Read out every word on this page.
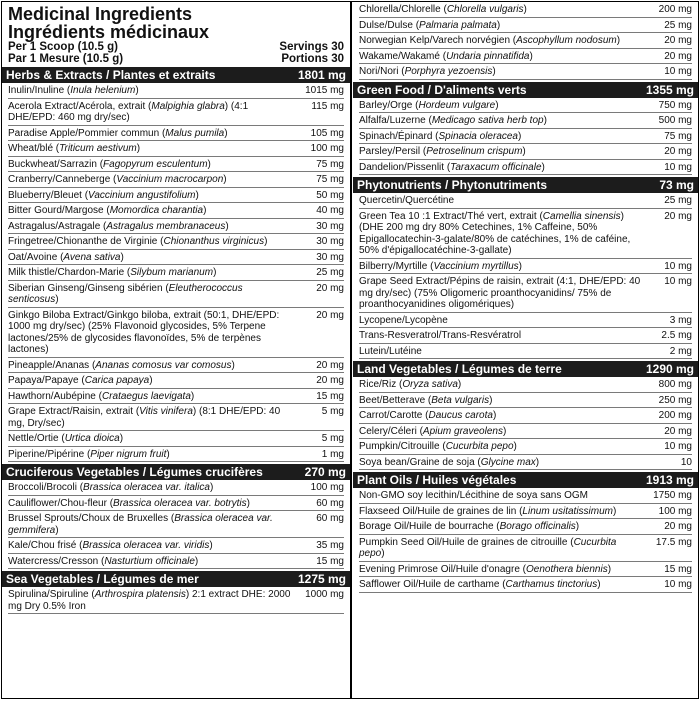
Medicinal Ingredients
Ingrédients médicinaux
Per 1 Scoop (10.5 g)	Servings 30
Par 1 Mesure (10.5 g)	Portions 30
Herbs & Extracts / Plantes et extraits	1801 mg
Inulin/Inuline (Inula helenium)	1015 mg
Acerola Extract/Acérola, extrait (Malpighia glabra) (4:1 DHE/EPD: 460 mg dry/sec)
115 mg
Paradise Apple/Pommier commun (Malus pumila)	105 mg
Wheat/blé (Triticum aestivum)	100 mg
Buckwheat/Sarrazin (Fagopyrum esculentum)	75 mg
Cranberry/Canneberge (Vaccinium macrocarpon)	75 mg
Blueberry/Bleuet (Vaccinium angustifolium)	50 mg
Bitter Gourd/Margose (Momordica charantia)	40 mg
Astragalus/Astragale (Astragalus membranaceus)	30 mg
Fringetree/Chionanthe de Virginie (Chionanthus virginicus)	30 mg
Oat/Avoine (Avena sativa)	30 mg
Milk thistle/Chardon-Marie (Silybum marianum)	25 mg
Siberian Ginseng/Ginseng sibérien (Eleutherococcus senticosus)
20 mg
Ginkgo Biloba Extract/Ginkgo biloba, extrait (50:1, DHE/EPD: 1000 mg dry/sec) (25% Flavonoid glycosides, 5% Terpene lactones/25% de glycosides flavonoïdes, 5% de terpènes lactones)
20 mg
Pineapple/Ananas (Ananas comosus var comosus)	20 mg
Papaya/Papaye (Carica papaya)	20 mg
Hawthorn/Aubépine (Crataegus laevigata)	15 mg
Grape Extract/Raisin, extrait (Vitis vinifera) (8:1 DHE/EPD: 40 mg, Dry/sec)
5 mg
Nettle/Ortie (Urtica dioica)	5 mg
Piperine/Pipérine (Piper nigrum fruit)	1 mg
Cruciferous Vegetables / Légumes crucifères	270 mg
Broccoli/Brocoli (Brassica oleracea var. italica)	100 mg
Cauliflower/Chou-fleur (Brassica oleracea var. botrytis)	60 mg
Brussel Sprouts/Choux de Bruxelles (Brassica oleracea var. gemmifera)
60 mg
Kale/Chou frisé (Brassica oleracea var. viridis)	35 mg
Watercress/Cresson (Nasturtium officinale)	15 mg
Sea Vegetables / Légumes de mer	1275 mg
Spirulina/Spiruline (Arthrospira platensis) 2:1 extract DHE: 2000 mg Dry 0.5% Iron
1000 mg
Chlorella/Chlorelle (Chlorella vulgaris)	200 mg
Dulse/Dulse (Palmaria palmata)	25 mg
Norwegian Kelp/Varech norvégien (Ascophyllum nodosum)	20 mg
Wakame/Wakamé (Undaria pinnatifida)	20 mg
Nori/Nori (Porphyra yezoensis)	10 mg
Green Food / D'aliments verts	1355 mg
Barley/Orge (Hordeum vulgare)	750 mg
Alfalfa/Luzerne (Medicago sativa herb top)	500 mg
Spinach/Épinard (Spinacia oleracea)	75 mg
Parsley/Persil (Petroselinum crispum)	20 mg
Dandelion/Pissenlit (Taraxacum officinale)	10 mg
Phytonutrients / Phytonutriments	73 mg
Quercetin/Quercétine	25 mg
Green Tea 10 :1 Extract/Thé vert, extrait (Camellia sinensis) (DHE 200 mg dry 80% Cetechines, 1% Caffeine, 50% Epigallocatechin-3-galate/80% de catéchines, 1% de caféine, 50% d'épigallocatéchine-3-gallate)
20 mg
Bilberry/Myrtille (Vaccinium myrtillus)	10 mg
Grape Seed Extract/Pépins de raisin, extrait (4:1, DHE/EPD: 40 mg dry/sec) (75% Oligomeric proanthocyanidins/ 75% de proanthocyanidines oligomériques)
10 mg
Lycopene/Lycopène	3 mg
Trans-Resveratrol/Trans-Resvératrol	2.5 mg
Lutein/Lutéine	2 mg
Land Vegetables / Légumes de terre	1290 mg
Rice/Riz (Oryza sativa)	800 mg
Beet/Betterave (Beta vulgaris)	250 mg
Carrot/Carotte (Daucus carota)	200 mg
Celery/Céleri (Apium graveolens)	20 mg
Pumpkin/Citrouille (Cucurbita pepo)	10 mg
Soya bean/Graine de soja (Glycine max)	10
Plant Oils / Huiles végétales	1913 mg
Non-GMO soy lecithin/Lécithine de soya sans OGM	1750 mg
Flaxseed Oil/Huile de graines de lin (Linum usitatissimum)	100 mg
Borage Oil/Huile de bourrache (Borago officinalis)	20 mg
Pumpkin Seed Oil/Huile de graines de citrouille (Cucurbita pepo)
17.5 mg
Evening Primrose Oil/Huile d'onagre (Oenothera biennis)	15 mg
Safflower Oil/Huile de carthame (Carthamus tinctorius)	10 mg
